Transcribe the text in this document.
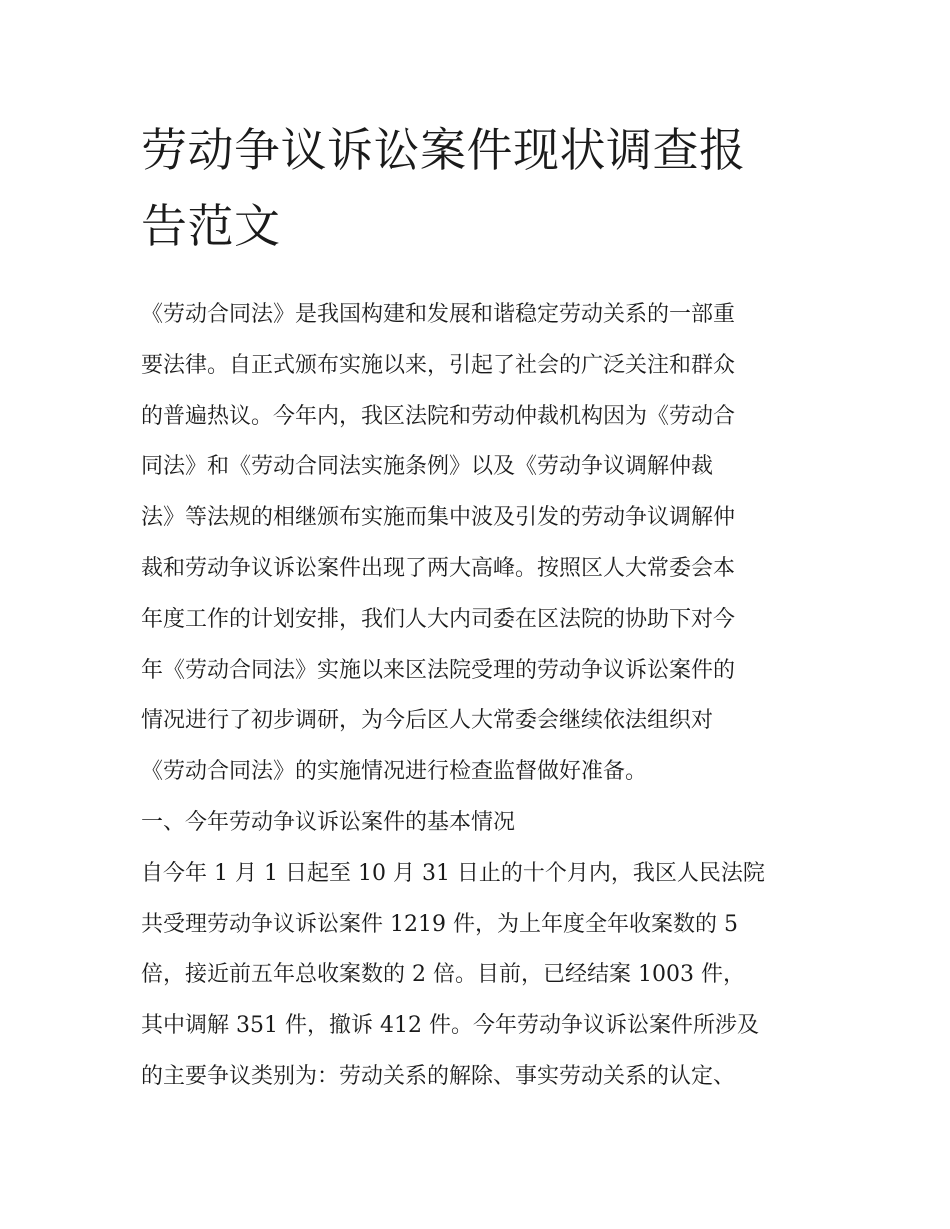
劳动争议诉讼案件现状调查报
告范文
《劳动合同法》是我国构建和发展和谐稳定劳动关系的一部重
要法律。自正式颁布实施以来，引起了社会的广泛关注和群众
的普遍热议。今年内，我区法院和劳动仲裁机构因为《劳动合
同法》和《劳动合同法实施条例》以及《劳动争议调解仲裁
法》等法规的相继颁布实施而集中波及引发的劳动争议调解仲
裁和劳动争议诉讼案件出现了两大高峰。按照区人大常委会本
年度工作的计划安排，我们人大内司委在区法院的协助下对今
年《劳动合同法》实施以来区法院受理的劳动争议诉讼案件的
情况进行了初步调研，为今后区人大常委会继续依法组织对
《劳动合同法》的实施情况进行检查监督做好准备。
一、今年劳动争议诉讼案件的基本情况
自今年 1 月 1 日起至 10 月 31 日止的十个月内，我区人民法院
共受理劳动争议诉讼案件 1219 件，为上年度全年收案数的 5
倍，接近前五年总收案数的 2 倍。目前，已经结案 1003 件，
其中调解 351 件，撤诉 412 件。今年劳动争议诉讼案件所涉及
的主要争议类别为：劳动关系的解除、事实劳动关系的认定、
